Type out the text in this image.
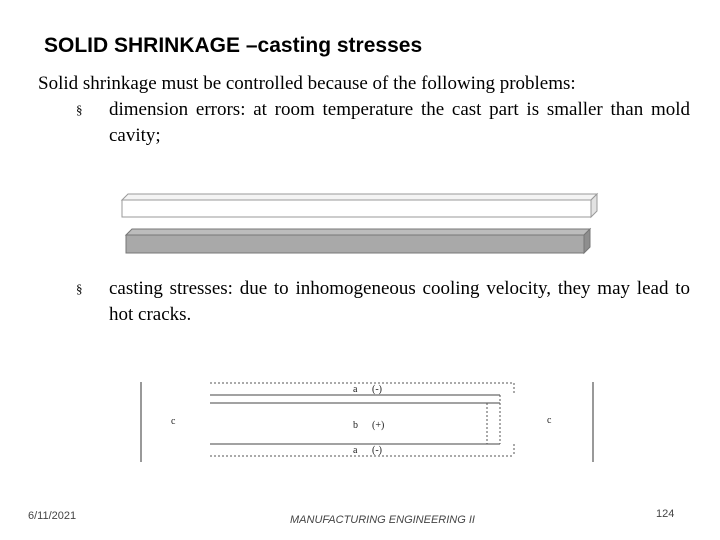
SOLID SHRINKAGE –casting stresses
Solid shrinkage must be controlled because of the following problems:
§ dimension errors: at room temperature the cast part is smaller than mold cavity;
§ casting stresses: due to inhomogeneous cooling velocity, they may lead to hot cracks.
a (-)
b (+)
a (-)
c	c
6/11/2021	MANUFACTURING ENGINEERING II	124
